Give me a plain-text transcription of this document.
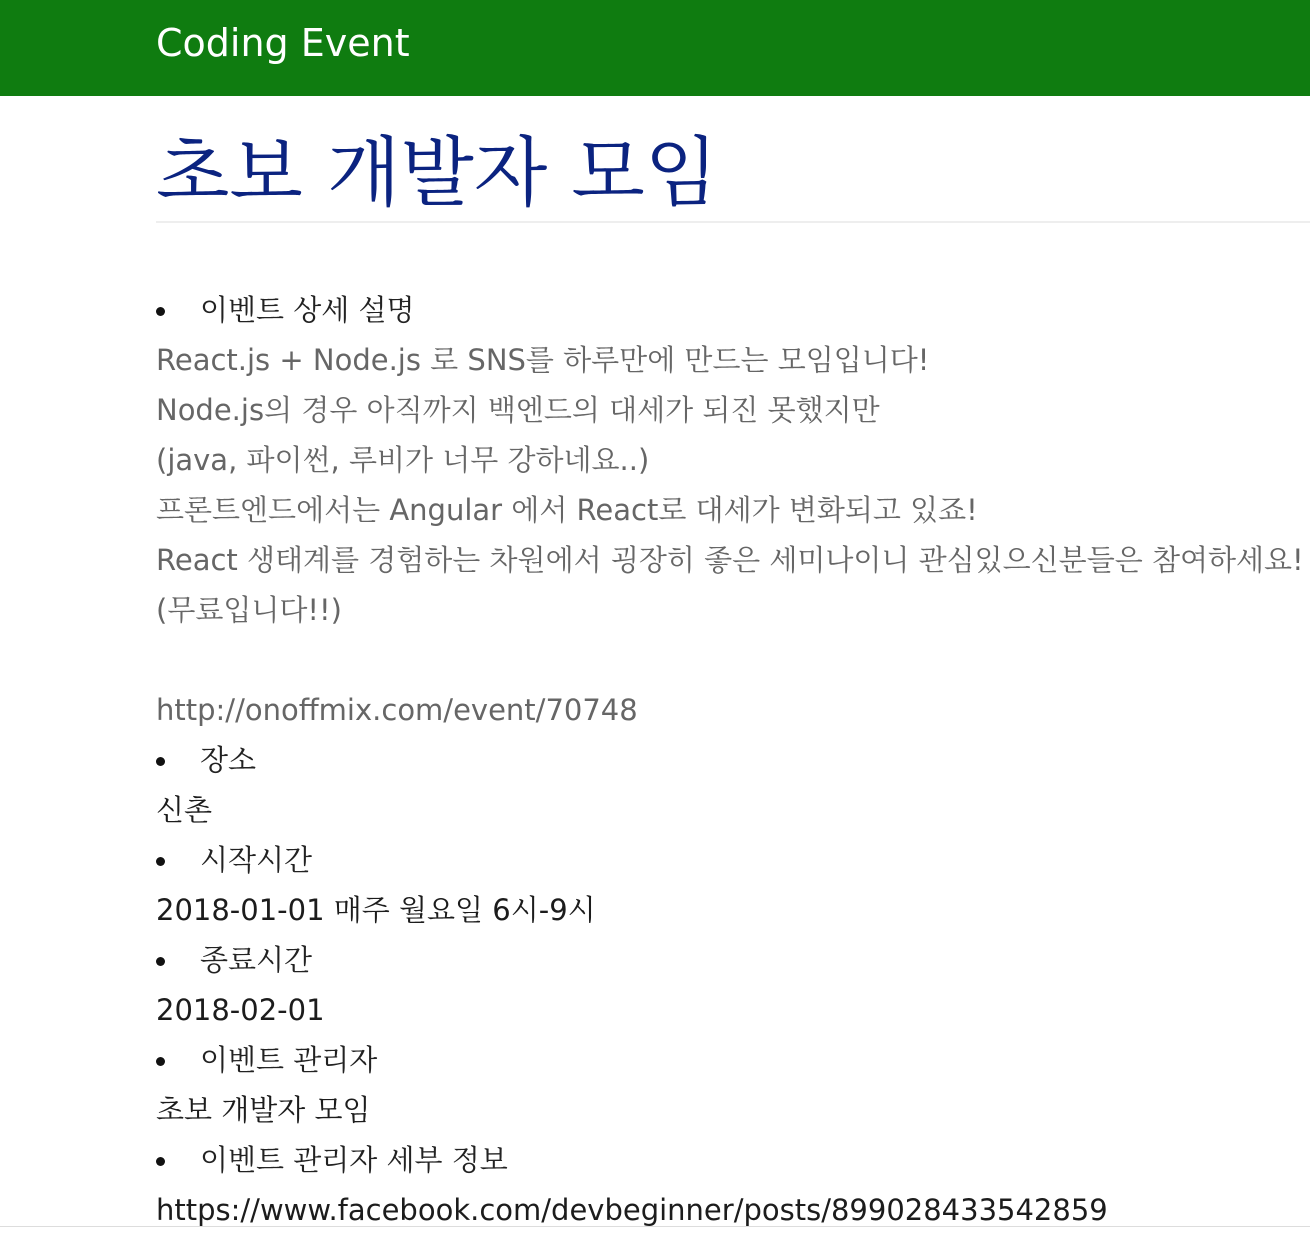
Coding Event
초보 개발자 모임
이벤트 상세 설명
React.js + Node.js 로 SNS를 하루만에 만드는 모임입니다!
Node.js의 경우 아직까지 백엔드의 대세가 되진 못했지만
(java, 파이썬, 루비가 너무 강하네요..)
프론트엔드에서는 Angular 에서 React로 대세가 변화되고 있죠!
React 생태계를 경험하는 차원에서 굉장히 좋은 세미나이니 관심있으신분들은 참여하세요!
(무료입니다!!)
http://onoffmix.com/event/70748
장소
신촌
시작시간
2018-01-01 매주 월요일 6시-9시
종료시간
2018-02-01
이벤트 관리자
초보 개발자 모임
이벤트 관리자 세부 정보
https://www.facebook.com/devbeginner/posts/899028433542859
